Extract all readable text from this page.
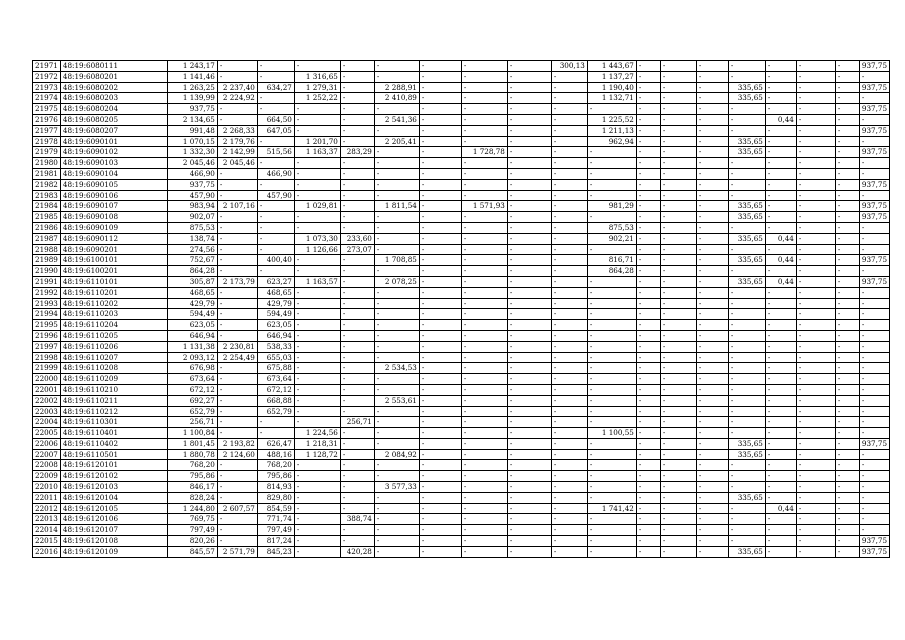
21971	48:19:6080111	1 243,17	-	-	-	-	-	-	-	-	300,13	1 443,67	-	-	-	-	-	-	-	937,75
21972	48:19:6080201	1 141,46	-	-	1 316,65	-	-	-	-	-	-	1 137,27	-	-	-	-	-	-	-	-
21973	48:19:6080202	1 263,25	2 237,40	634,27	1 279,31	-	2 288,91	-	-	-	-	1 190,40	-	-	-	335,65	-	-	-	937,75
21974	48:19:6080203	1 139,99	2 224,92	-	1 252,22	-	2 410,89	-	-	-	-	1 132,71	-	-	-	335,65	-	-	-	-
21975	48:19:6080204	937,75	-	-	-	-	-	-	-	-	-	-	-	-	-	-	-	-	-	937,75
21976	48:19:6080205	2 134,65	-	664,50	-	-	2 541,36	-	-	-	-	1 225,52	-	-	-	-	0,44	-	-	-
21977	48:19:6080207	991,48	2 268,33	647,05	-	-	-	-	-	-	-	1 211,13	-	-	-	-	-	-	-	937,75
21978	48:19:6090101	1 070,15	2 179,76	-	1 201,70	-	2 205,41	-	-	-	-	962,94	-	-	-	335,65	-	-	-	-
21979	48:19:6090102	1 332,30	2 142,99	515,56	1 163,37	283,29	-	-	1 728,78	-	-	-	-	-	-	335,65	-	-	-	937,75
21980	48:19:6090103	2 045,46	2 045,46	-	-	-	-	-	-	-	-	-	-	-	-	-	-	-	-	-
21981	48:19:6090104	466,90	-	466,90	-	-	-	-	-	-	-	-	-	-	-	-	-	-	-	-
21982	48:19:6090105	937,75	-	-	-	-	-	-	-	-	-	-	-	-	-	-	-	-	-	937,75
21983	48:19:6090106	457,90	-	457,90	-	-	-	-	-	-	-	-	-	-	-	-	-	-	-	-
21984	48:19:6090107	983,94	2 107,16	-	1 029,81	-	1 811,54	-	1 571,93	-	-	981,29	-	-	-	335,65	-	-	-	937,75
21985	48:19:6090108	902,07	-	-	-	-	-	-	-	-	-	-	-	-	-	335,65	-	-	-	937,75
21986	48:19:6090109	875,53	-	-	-	-	-	-	-	-	-	875,53	-	-	-	-	-	-	-	-
21987	48:19:6090112	138,74	-	-	1 073,30	233,60	-	-	-	-	-	902,21	-	-	-	335,65	0,44	-	-	-
21988	48:19:6090201	274,56	-	-	1 126,66	273,07	-	-	-	-	-	-	-	-	-	-	-	-	-	-
21989	48:19:6100101	752,67	-	400,40	-	-	1 708,85	-	-	-	-	816,71	-	-	-	335,65	0,44	-	-	937,75
21990	48:19:6100201	864,28	-	-	-	-	-	-	-	-	-	864,28	-	-	-	-	-	-	-	-
21991	48:19:6110101	305,87	2 173,79	623,27	1 163,57	-	2 078,25	-	-	-	-	-	-	-	-	335,65	0,44	-	-	937,75
21992	48:19:6110201	468,65	-	468,65	-	-	-	-	-	-	-	-	-	-	-	-	-	-	-	-
21993	48:19:6110202	429,79	-	429,79	-	-	-	-	-	-	-	-	-	-	-	-	-	-	-	-
21994	48:19:6110203	594,49	-	594,49	-	-	-	-	-	-	-	-	-	-	-	-	-	-	-	-
21995	48:19:6110204	623,05	-	623,05	-	-	-	-	-	-	-	-	-	-	-	-	-	-	-	-
21996	48:19:6110205	646,94	-	646,94	-	-	-	-	-	-	-	-	-	-	-	-	-	-	-	-
21997	48:19:6110206	1 131,38	2 230,81	538,33	-	-	-	-	-	-	-	-	-	-	-	-	-	-	-	-
21998	48:19:6110207	2 093,12	2 254,49	655,03	-	-	-	-	-	-	-	-	-	-	-	-	-	-	-	-
21999	48:19:6110208	676,98	-	675,88	-	-	2 534,53	-	-	-	-	-	-	-	-	-	-	-	-	-
22000	48:19:6110209	673,64	-	673,64	-	-	-	-	-	-	-	-	-	-	-	-	-	-	-	-
22001	48:19:6110210	672,12	-	672,12	-	-	-	-	-	-	-	-	-	-	-	-	-	-	-	-
22002	48:19:6110211	692,27	-	668,88	-	-	2 553,61	-	-	-	-	-	-	-	-	-	-	-	-	-
22003	48:19:6110212	652,79	-	652,79	-	-	-	-	-	-	-	-	-	-	-	-	-	-	-	-
22004	48:19:6110301	256,71	-	-	-	256,71	-	-	-	-	-	-	-	-	-	-	-	-	-	-
22005	48:19:6110401	1 100,84	-	-	1 224,56	-	-	-	-	-	-	1 100,55	-	-	-	-	-	-	-	-
22006	48:19:6110402	1 801,45	2 193,82	626,47	1 218,31	-	-	-	-	-	-	-	-	-	-	335,65	-	-	-	937,75
22007	48:19:6110501	1 880,78	2 124,60	488,16	1 128,72	-	2 084,92	-	-	-	-	-	-	-	-	335,65	-	-	-	-
22008	48:19:6120101	768,20	-	768,20	-	-	-	-	-	-	-	-	-	-	-	-	-	-	-	-
22009	48:19:6120102	795,86	-	795,86	-	-	-	-	-	-	-	-	-	-	-	-	-	-	-	-
22010	48:19:6120103	846,17	-	814,93	-	-	3 577,33	-	-	-	-	-	-	-	-	-	-	-	-	-
22011	48:19:6120104	828,24	-	829,80	-	-	-	-	-	-	-	-	-	-	-	335,65	-	-	-	-
22012	48:19:6120105	1 244,80	2 607,57	854,59	-	-	-	-	-	-	-	1 741,42	-	-	-	-	0,44	-	-	-
22013	48:19:6120106	769,75	-	771,74	-	388,74	-	-	-	-	-	-	-	-	-	-	-	-	-	-
22014	48:19:6120107	797,49	-	797,49	-	-	-	-	-	-	-	-	-	-	-	-	-	-	-	-
22015	48:19:6120108	820,26	-	817,24	-	-	-	-	-	-	-	-	-	-	-	-	-	-	-	937,75
22016	48:19:6120109	845,57	2 571,79	845,23	-	420,28	-	-	-	-	-	-	-	-	-	335,65	-	-	-	937,75
